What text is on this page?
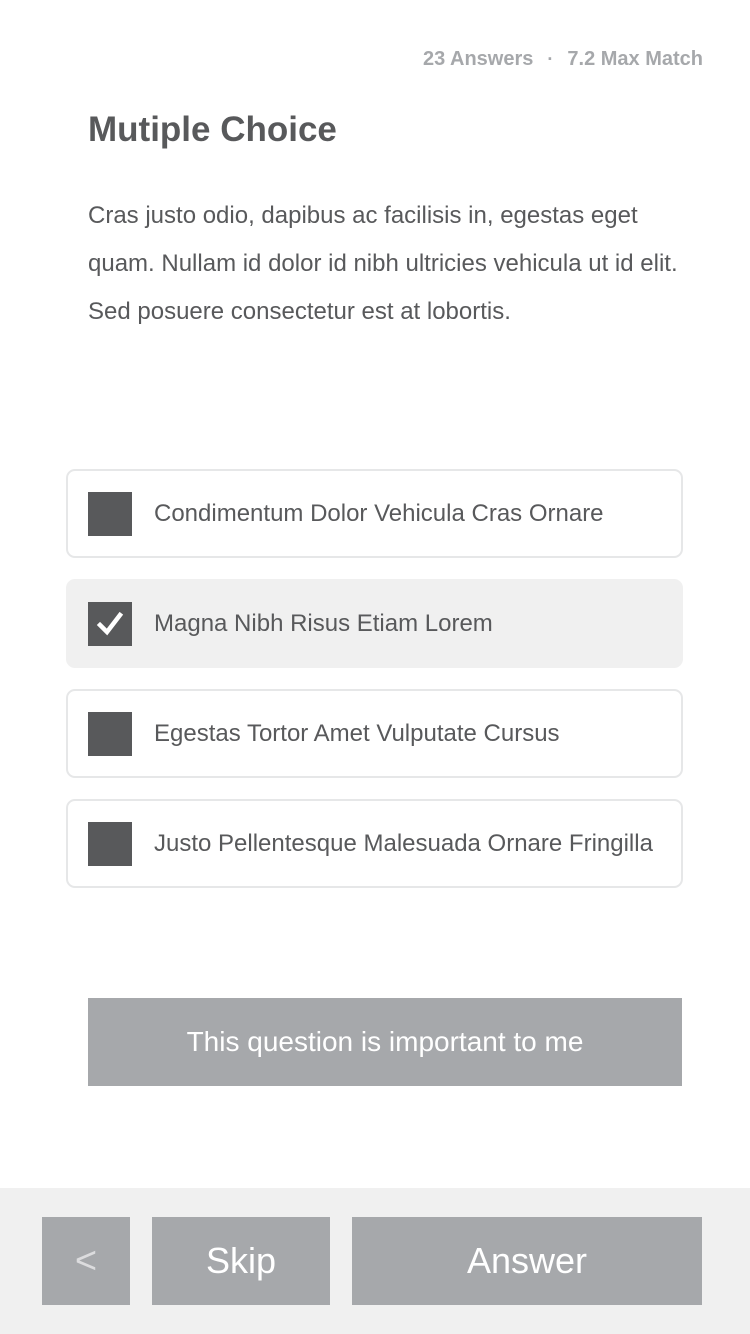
23 Answers · 7.2 Max Match
Mutiple Choice

Cras justo odio, dapibus ac facilisis in, egestas eget quam. Nullam id dolor id nibh ultricies vehicula ut id elit. Sed posuere consectetur est at lobortis.

Condimentum Dolor Vehicula Cras Ornare
Magna Nibh Risus Etiam Lorem
Egestas Tortor Amet Vulputate Cursus
Justo Pellentesque Malesuada Ornare Fringilla
This question is important to me
<	Skip	Answer
